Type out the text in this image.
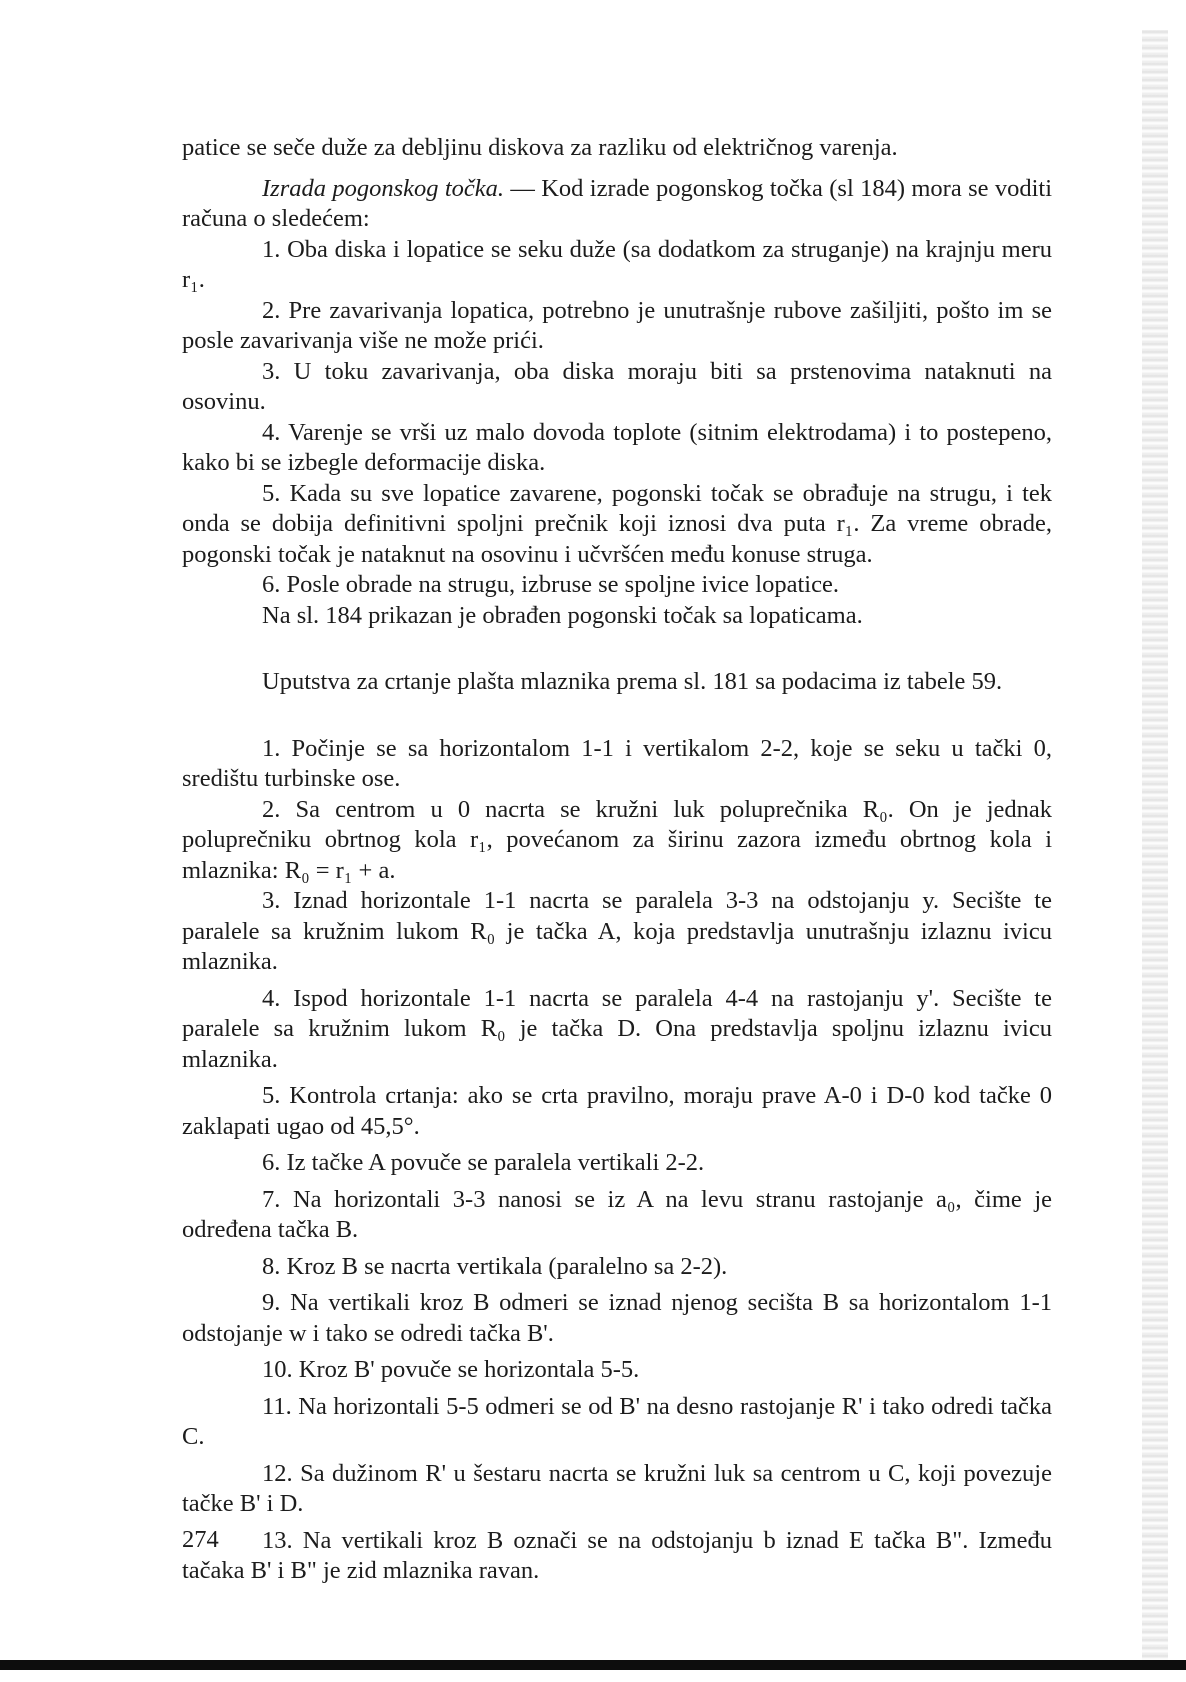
patice se seče duže za debljinu diskova za razliku od električnog varenja.

Izrada pogonskog točka. — Kod izrade pogonskog točka (sl 184) mora se voditi računa o sledećem:

1. Oba diska i lopatice se seku duže (sa dodatkom za struganje) na krajnju meru r₁.

2. Pre zavarivanja lopatica, potrebno je unutrašnje rubove zašiljiti, pošto im se posle zavarivanja više ne može prići.

3. U toku zavarivanja, oba diska moraju biti sa prstenovima nataknuti na osovinu.

4. Varenje se vrši uz malo dovoda toplote (sitnim elektrodama) i to postepeno, kako bi se izbegle deformacije diska.

5. Kada su sve lopatice zavarene, pogonski točak se obrađuje na strugu, i tek onda se dobija definitivni spoljni prečnik koji iznosi dva puta r₁. Za vreme obrade, pogonski točak je nataknut na osovinu i učvršćen među konuse struga.

6. Posle obrade na strugu, izbruse se spoljne ivice lopatice.

Na sl. 184 prikazan je obrađen pogonski točak sa lopaticama.

Uputstva za crtanje plašta mlaznika prema sl. 181 sa podacima iz tabele 59.

1. Počinje se sa horizontalom 1-1 i vertikalom 2-2, koje se seku u tački 0, središtu turbinske ose.

2. Sa centrom u 0 nacrta se kružni luk poluprečnika R₀. On je jednak poluprečniku obrtnog kola r₁, povećanom za širinu zazora između obrtnog kola i mlaznika: R₀ = r₁ + a.

3. Iznad horizontale 1-1 nacrta se paralela 3-3 na odstojanju y. Secište te paralele sa kružnim lukom R₀ je tačka A, koja predstavlja unutrašnju izlaznu ivicu mlaznika.

4. Ispod horizontale 1-1 nacrta se paralela 4-4 na rastojanju y'. Secište te paralele sa kružnim lukom R₀ je tačka D. Ona predstavlja spoljnu izlaznu ivicu mlaznika.

5. Kontrola crtanja: ako se crta pravilno, moraju prave A-0 i D-0 kod tačke 0 zaklapati ugao od 45,5°.

6. Iz tačke A povuče se paralela vertikali 2-2.

7. Na horizontali 3-3 nanosi se iz A na levu stranu rastojanje a₀, čime je određena tačka B.

8. Kroz B se nacrta vertikala (paralelno sa 2-2).

9. Na vertikali kroz B odmeri se iznad njenog secišta B sa horizontalom 1-1 odstojanje w i tako se odredi tačka B'.

10. Kroz B' povuče se horizontala 5-5.

11. Na horizontali 5-5 odmeri se od B' na desno rastojanje R' i tako odredi tačka C.

12. Sa dužinom R' u šestaru nacrta se kružni luk sa centrom u C, koji povezuje tačke B' i D.

13. Na vertikali kroz B označi se na odstojanju b iznad E tačka B". Između tačaka B' i B" je zid mlaznika ravan.

274
